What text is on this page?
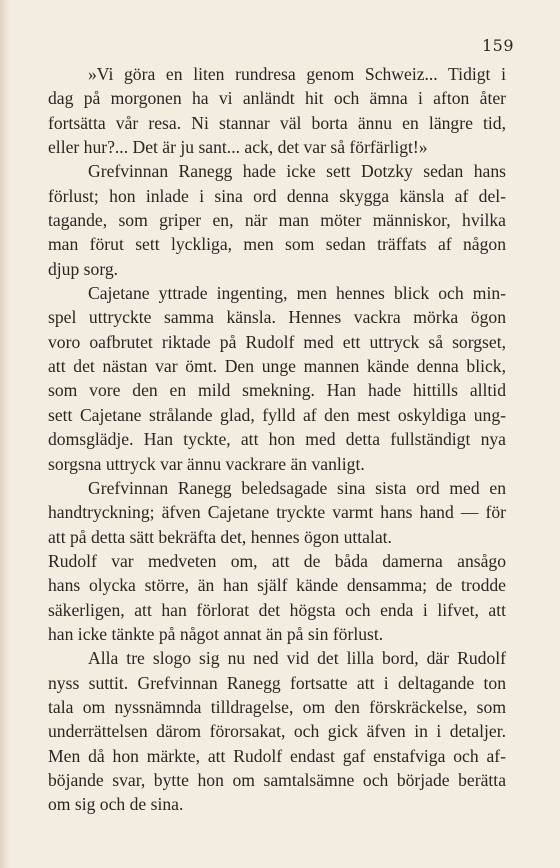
159
»Vi göra en liten rundresa genom Schweiz... Tidigt i
dag på morgonen ha vi anländt hit och ämna i afton åter
fortsätta vår resa. Ni stannar väl borta ännu en längre tid,
eller hur?... Det är ju sant... ack, det var så förfärligt!»
Grefvinnan Ranegg hade icke sett Dotzky sedan hans
förlust; hon inlade i sina ord denna skygga känsla af del-
tagande, som griper en, när man möter människor, hvilka
man förut sett lyckliga, men som sedan träffats af någon
djup sorg.
Cajetane yttrade ingenting, men hennes blick och min-
spel uttryckte samma känsla. Hennes vackra mörka ögon
voro oafbrutet riktade på Rudolf med ett uttryck så sorgset,
att det nästan var ömt. Den unge mannen kände denna blick,
som vore den en mild smekning. Han hade hittills alltid
sett Cajetane strålande glad, fylld af den mest oskyldiga ung-
domsglädje. Han tyckte, att hon med detta fullständigt nya
sorgsna uttryck var ännu vackrare än vanligt.
Grefvinnan Ranegg beledsagade sina sista ord med en
handtryckning; äfven Cajetane tryckte varmt hans hand — för
att på detta sätt bekräfta det, hennes ögon uttalat.
Rudolf var medveten om, att de båda damerna ansågo
hans olycka större, än han själf kände densamma; de trodde
säkerligen, att han förlorat det högsta och enda i lifvet, att
han icke tänkte på något annat än på sin förlust.
Alla tre slogo sig nu ned vid det lilla bord, där Rudolf
nyss suttit. Grefvinnan Ranegg fortsatte att i deltagande ton
tala om nyssnämnda tilldragelse, om den förskräckelse, som
underrättelsen därom förorsakat, och gick äfven in i detaljer.
Men då hon märkte, att Rudolf endast gaf enstafviga och af-
böjande svar, bytte hon om samtalsämne och började berätta
om sig och de sina.
